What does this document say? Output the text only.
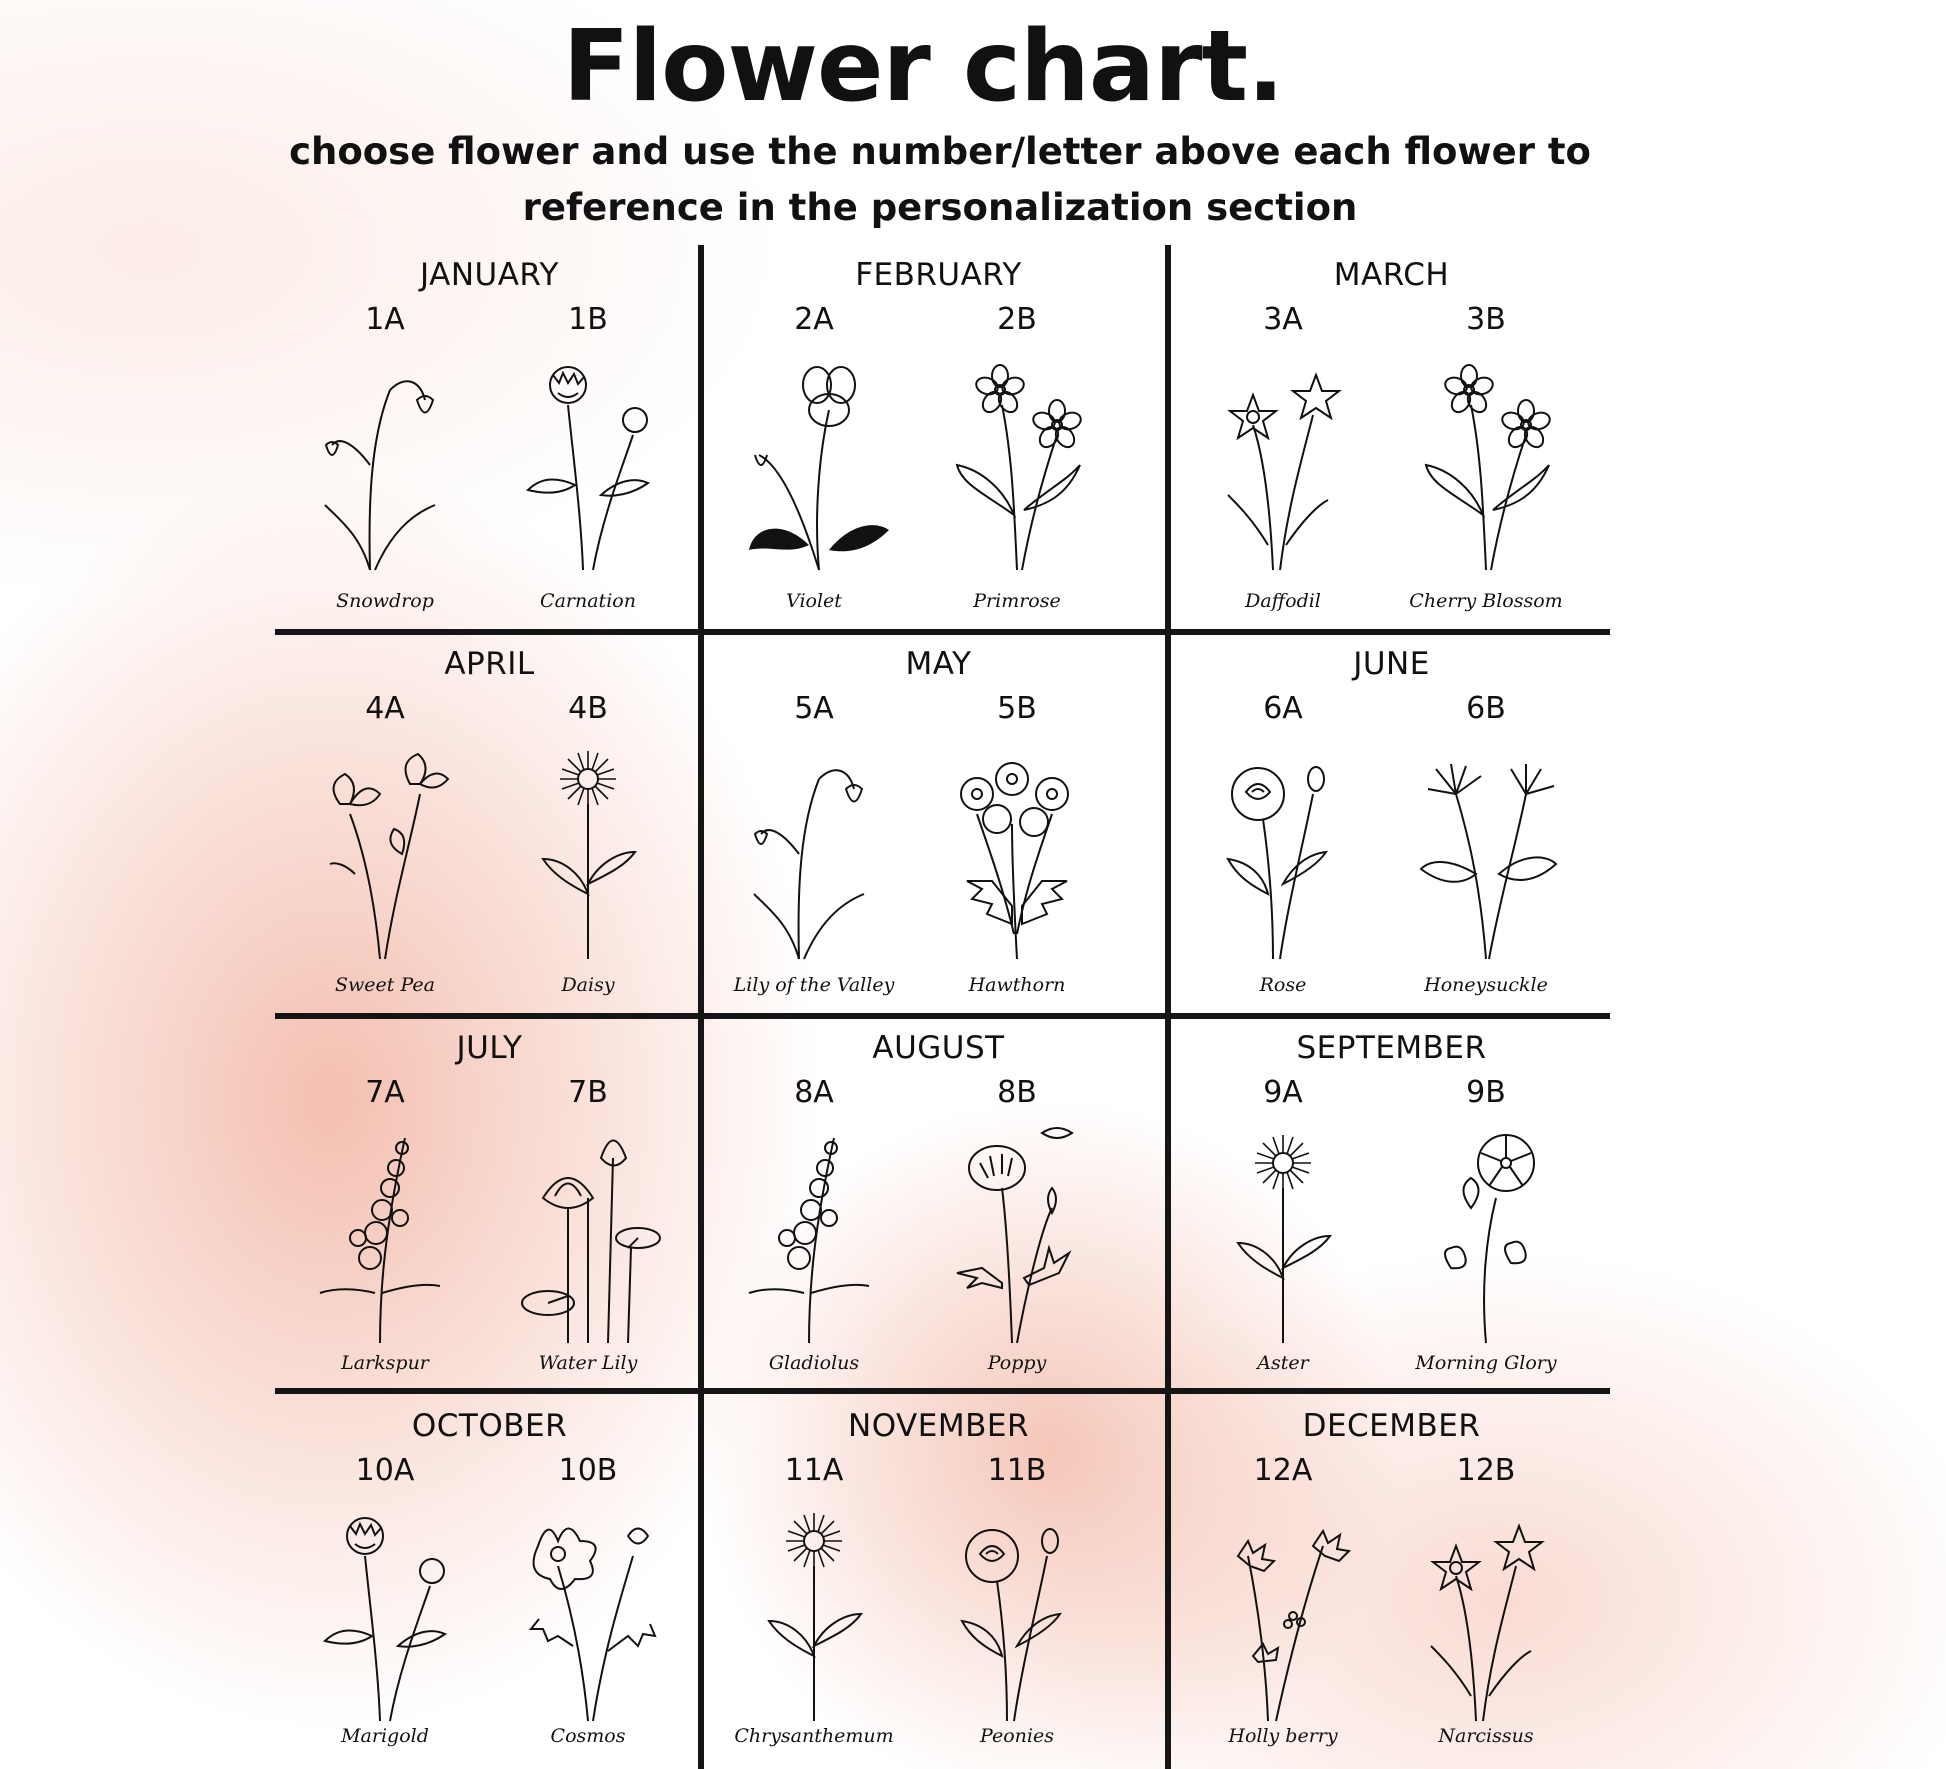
Flower chart.
choose flower and use the number/letter above each flower to reference in the personalization section
JANUARY
1A
Snowdrop
1B
Carnation
FEBRUARY
2A
Violet
2B
Primrose
MARCH
3A
Daffodil
3B
Cherry Blossom
APRIL
4A
Sweet Pea
4B
Daisy
MAY
5A
Lily of the Valley
5B
Hawthorn
JUNE
6A
Rose
6B
Honeysuckle
JULY
7A
Larkspur
7B
Water Lily
AUGUST
8A
Gladiolus
8B
Poppy
SEPTEMBER
9A
Aster
9B
Morning Glory
OCTOBER
10A
Marigold
10B
Cosmos
NOVEMBER
11A
Chrysanthemum
11B
Peonies
DECEMBER
12A
Holly berry
12B
Narcissus
